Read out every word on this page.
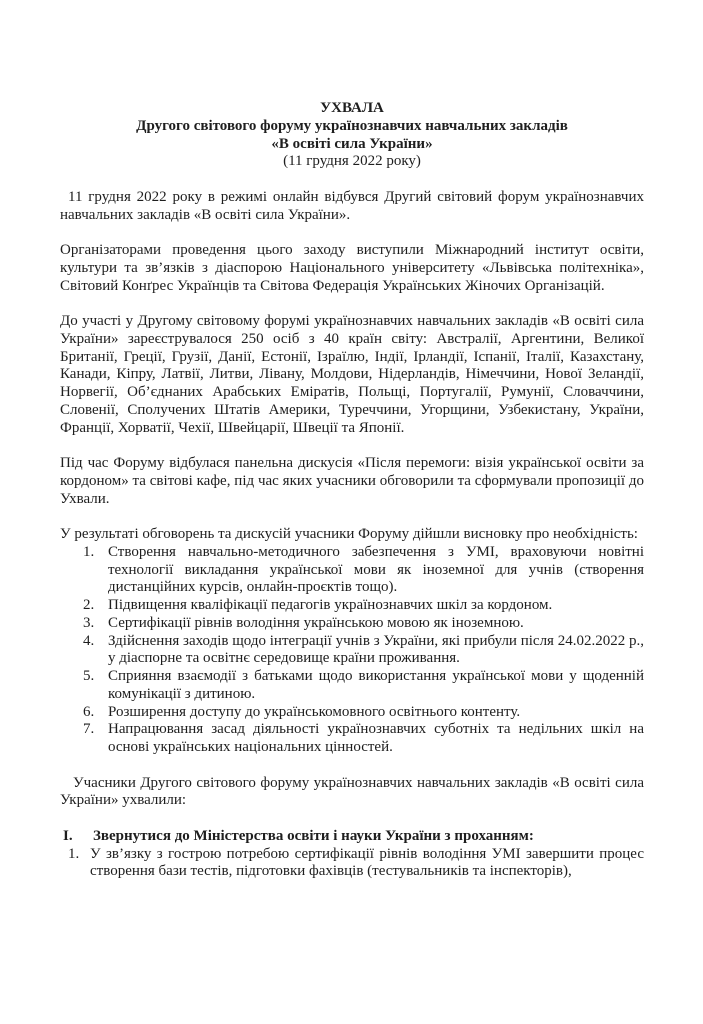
УХВАЛА
Другого світового форуму українознавчих навчальних закладів
«В освіті сила України»
(11 грудня 2022 року)

11 грудня 2022 року в режимі онлайн відбувся Другий світовий форум українознавчих навчальних закладів «В освіті сила України».

Організаторами проведення цього заходу виступили Міжнародний інститут освіти, культури та зв’язків з діаспорою Національного університету «Львівська політехніка», Світовий Конґрес Українців та Світова Федерація Українських Жіночих Організацій.

До участі у Другому світовому форумі українознавчих навчальних закладів «В освіті сила України» зареєструвалося 250 осіб з 40 країн світу: Австралії, Аргентини, Великої Британії, Греції, Грузії, Данії, Естонії, Ізраїлю, Індії, Ірландії, Іспанії, Італії, Казахстану, Канади, Кіпру, Латвії, Литви, Лівану, Молдови, Нідерландів, Німеччини, Нової Зеландії, Норвегії, Об’єднаних Арабських Еміратів, Польщі, Португалії, Румунії, Словаччини, Словенії, Сполучених Штатів Америки, Туреччини, Угорщини, Узбекистану, України, Франції, Хорватії, Чехії, Швейцарії, Швеції та Японії.

Під час Форуму відбулася панельна дискусія «Після перемоги: візія української освіти за кордоном» та світові кафе, під час яких учасники обговорили та сформували пропозиції до Ухвали.

У результаті обговорень та дискусій учасники Форуму дійшли висновку про необхідність:

1. Створення навчально-методичного забезпечення з УМІ, враховуючи новітні технології викладання української мови як іноземної для учнів (створення дистанційних курсів, онлайн-проєктів тощо).
2. Підвищення кваліфікації педагогів українознавчих шкіл за кордоном.
3. Сертифікації рівнів володіння українською мовою як іноземною.
4. Здійснення заходів щодо інтеграції учнів з України, які прибули після 24.02.2022 р., у діаспорне та освітнє середовище країни проживання.
5. Сприяння взаємодії з батьками щодо використання української мови у щоденній комунікації з дитиною.
6. Розширення доступу до українськомовного освітнього контенту.
7. Напрацювання засад діяльності українознавчих суботніх та недільних шкіл на основі українських національних цінностей.

Учасники Другого світового форуму українознавчих навчальних закладів «В освіті сила України» ухвалили:

I. Звернутися до Міністерства освіти і науки України з проханням:

1. У зв’язку з гострою потребою сертифікації рівнів володіння УМІ завершити процес створення бази тестів, підготовки фахівців (тестувальників та інспекторів),
